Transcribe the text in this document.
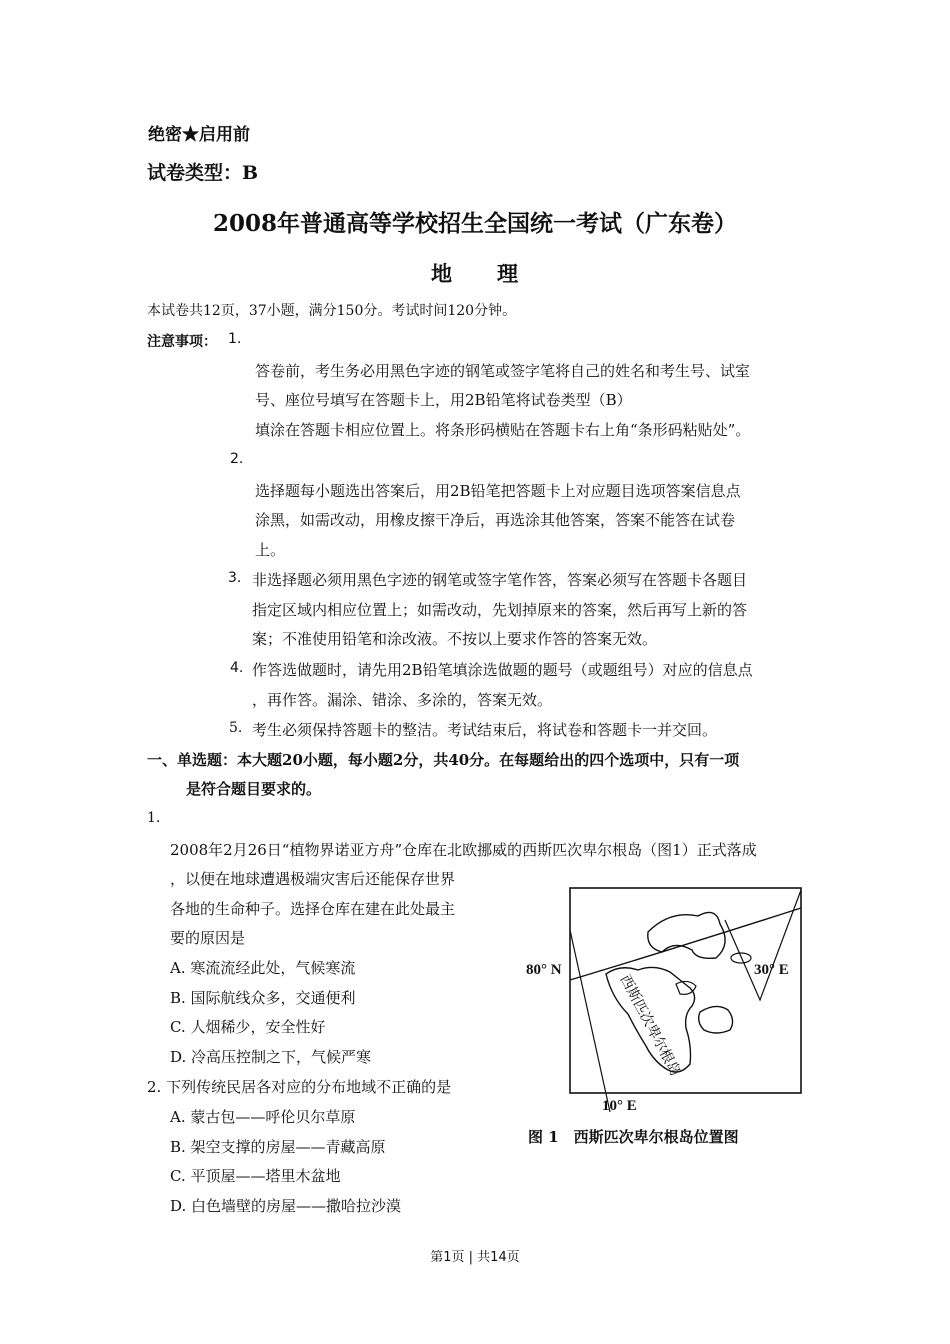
绝密★启用前
试卷类型：B
2008年普通高等学校招生全国统一考试（广东卷）
地　　理
本试卷共12页，37小题，满分150分。考试时间120分钟。
注意事项： 1.
答卷前，考生务必用黑色字迹的钢笔或签字笔将自己的姓名和考生号、试室
号、座位号填写在答题卡上，用2B铅笔将试卷类型（B）
填涂在答题卡相应位置上。将条形码横贴在答题卡右上角“条形码粘贴处”。
2.
选择题每小题选出答案后，用2B铅笔把答题卡上对应题目选项答案信息点
涂黑，如需改动，用橡皮擦干净后，再选涂其他答案，答案不能答在试卷
上。
3. 非选择题必须用黑色字迹的钢笔或签字笔作答，答案必须写在答题卡各题目
指定区域内相应位置上；如需改动，先划掉原来的答案，然后再写上新的答
案；不准使用铅笔和涂改液。不按以上要求作答的答案无效。
4. 作答选做题时，请先用2B铅笔填涂选做题的题号（或题组号）对应的信息点
，再作答。漏涂、错涂、多涂的，答案无效。
5. 考生必须保持答题卡的整洁。考试结束后，将试卷和答题卡一并交回。
一、单选题：本大题20小题，每小题2分，共40分。在每题给出的四个选项中，只有一项
是符合题目要求的。
1.
2008年2月26日“植物界诺亚方舟”仓库在北欧挪威的西斯匹次卑尔根岛（图1）正式落成
，以便在地球遭遇极端灾害后还能保存世界
各地的生命种子。选择仓库在建在此处最主
要的原因是
A. 寒流流经此处，气候寒流
B. 国际航线众多，交通便利
C. 人烟稀少，安全性好
D. 冷高压控制之下，气候严寒
2. 下列传统民居各对应的分布地域不正确的是
A. 蒙古包——呼伦贝尔草原
B. 架空支撑的房屋——青藏高原
C. 平顶屋——塔里木盆地
D. 白色墙壁的房屋——撒哈拉沙漠
80° N	30° E
10° E
西斯匹次卑尔根岛
图 1　西斯匹次卑尔根岛位置图
第1页 | 共14页
